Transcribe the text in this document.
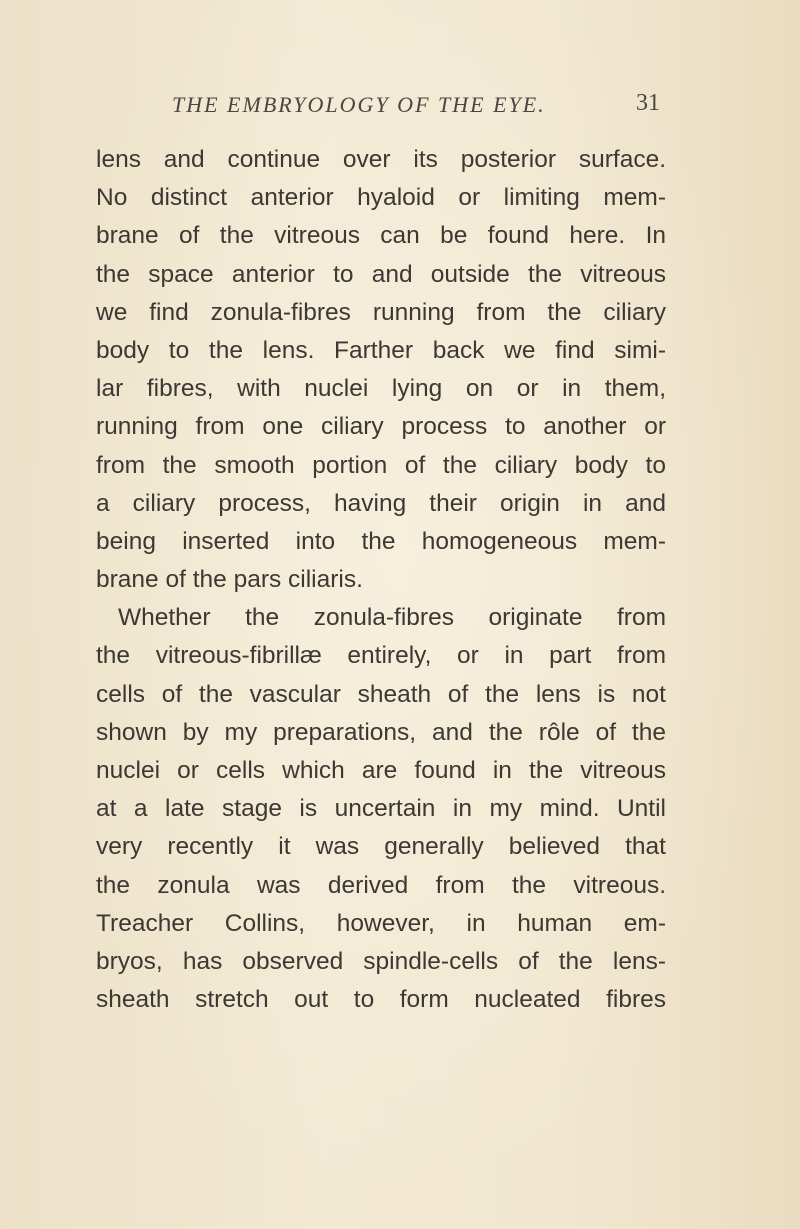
THE EMBRYOLOGY OF THE EYE.	31
lens and continue over its posterior surface.
No distinct anterior hyaloid or limiting mem-
brane of the vitreous can be found here. In
the space anterior to and outside the vitreous
we find zonula-fibres running from the ciliary
body to the lens. Farther back we find simi-
lar fibres, with nuclei lying on or in them,
running from one ciliary process to another or
from the smooth portion of the ciliary body to
a ciliary process, having their origin in and
being inserted into the homogeneous mem-
brane of the pars ciliaris.
Whether the zonula-fibres originate from
the vitreous-fibrillæ entirely, or in part from
cells of the vascular sheath of the lens is not
shown by my preparations, and the rôle of the
nuclei or cells which are found in the vitreous
at a late stage is uncertain in my mind. Until
very recently it was generally believed that
the zonula was derived from the vitreous.
Treacher Collins, however, in human em-
bryos, has observed spindle-cells of the lens-
sheath stretch out to form nucleated fibres
